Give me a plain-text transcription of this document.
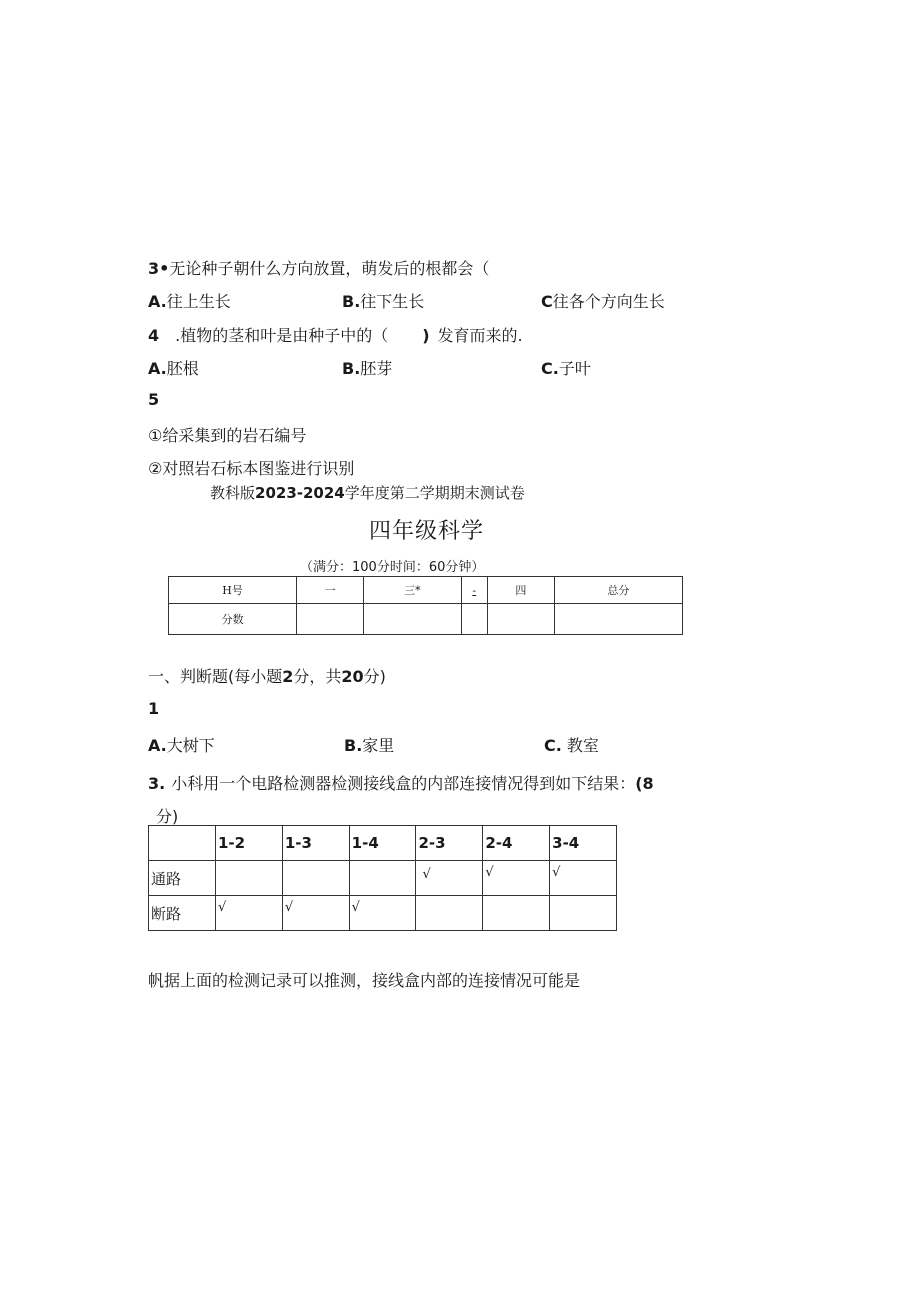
3•无论种子朝什么方向放置，萌发后的根都会（
A.往上生长	B.往下生长	C往各个方向生长
4 .植物的茎和叶是由种子中的（ ) 发育而来的.
A.胚根	B.胚芽	C.子叶
5
①给采集到的岩石编号
②对照岩石标本图鉴进行识别
教科版2023-2024学年度第二学期期末测试卷
四年级科学
（满分：100分时间：60分钟）
H号	一	三*	-	四	总分
分数					
一、判断题(每小题2分，共20分)
1
A.大树下	B.家里	C. 教室
3. 小科用一个电路检测器检测接线盒的内部连接情况得到如下结果：(8
分)
	1-2	1-3	1-4	2-3	2-4	3-4
通路				√	√	√
断路	√	√	√			
帆据上面的检测记录可以推测，接线盒内部的连接情况可能是
